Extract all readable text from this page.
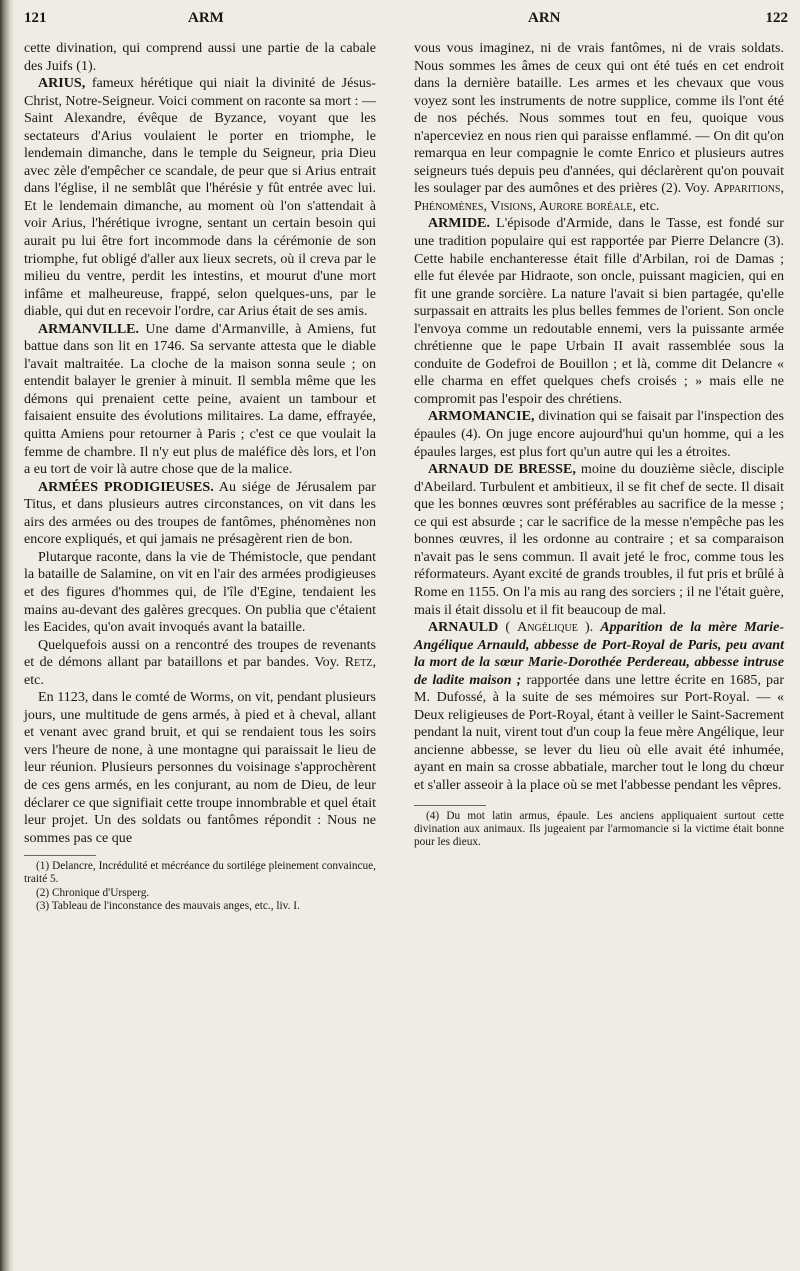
121	ARM	ARN	122

cette divination, qui comprend aussi une partie de la cabale des Juifs (1).

ARIUS, fameux hérétique qui niait la divinité de Jésus-Christ, Notre-Seigneur. Voici comment on raconte sa mort : — Saint Alexandre, évêque de Byzance, voyant que les sectateurs d'Arius voulaient le porter en triomphe, le lendemain dimanche, dans le temple du Seigneur, pria Dieu avec zèle d'empêcher ce scandale, de peur que si Arius entrait dans l'église, il ne semblât que l'hérésie y fût entrée avec lui. Et le lendemain dimanche, au moment où l'on s'attendait à voir Arius, l'hérétique ivrogne, sentant un certain besoin qui aurait pu lui être fort incommode dans la cérémonie de son triomphe, fut obligé d'aller aux lieux secrets, où il creva par le milieu du ventre, perdit les intestins, et mourut d'une mort infâme et malheureuse, frappé, selon quelques-uns, par le diable, qui dut en recevoir l'ordre, car Arius était de ses amis.

ARMANVILLE. Une dame d'Armanville, à Amiens, fut battue dans son lit en 1746. Sa servante attesta que le diable l'avait maltraitée. La cloche de la maison sonna seule ; on entendit balayer le grenier à minuit. Il sembla même que les démons qui prenaient cette peine, avaient un tambour et faisaient ensuite des évolutions militaires. La dame, effrayée, quitta Amiens pour retourner à Paris ; c'est ce que voulait la femme de chambre. Il n'y eut plus de maléfice dès lors, et l'on a eu tort de voir là autre chose que de la malice.

ARMÉES PRODIGIEUSES. Au siége de Jérusalem par Titus, et dans plusieurs autres circonstances, on vit dans les airs des armées ou des troupes de fantômes, phénomènes non encore expliqués, et qui jamais ne présagèrent rien de bon.

Plutarque raconte, dans la vie de Thémistocle, que pendant la bataille de Salamine, on vit en l'air des armées prodigieuses et des figures d'hommes qui, de l'île d'Egine, tendaient les mains au-devant des galères grecques. On publia que c'étaient les Eacides, qu'on avait invoqués avant la bataille.

Quelquefois aussi on a rencontré des troupes de revenants et de démons allant par bataillons et par bandes. Voy. Retz, etc.

En 1123, dans le comté de Worms, on vit, pendant plusieurs jours, une multitude de gens armés, à pied et à cheval, allant et venant avec grand bruit, et qui se rendaient tous les soirs vers l'heure de none, à une montagne qui paraissait le lieu de leur réunion. Plusieurs personnes du voisinage s'approchèrent de ces gens armés, en les conjurant, au nom de Dieu, de leur déclarer ce que signifiait cette troupe innombrable et quel était leur projet. Un des soldats ou fantômes répondit : Nous ne sommes pas ce que

(1) Delancre, Incrédulité et mécréance du sortilége pleinement convaincue, traité 5.

(2) Chronique d'Ursperg.

(3) Tableau de l'inconstance des mauvais anges, etc., liv. I.

vous vous imaginez, ni de vrais fantômes, ni de vrais soldats. Nous sommes les âmes de ceux qui ont été tués en cet endroit dans la dernière bataille. Les armes et les chevaux que vous voyez sont les instruments de notre supplice, comme ils l'ont été de nos péchés. Nous sommes tout en feu, quoique vous n'aperceviez en nous rien qui paraisse enflammé. — On dit qu'on remarqua en leur compagnie le comte Enrico et plusieurs autres seigneurs tués depuis peu d'années, qui déclarèrent qu'on pouvait les soulager par des aumônes et des prières (2). Voy. Apparitions, Phénomènes, Visions, Aurore boréale, etc.

ARMIDE. L'épisode d'Armide, dans le Tasse, est fondé sur une tradition populaire qui est rapportée par Pierre Delancre (3). Cette habile enchanteresse était fille d'Arbilan, roi de Damas ; elle fut élevée par Hidraote, son oncle, puissant magicien, qui en fit une grande sorcière. La nature l'avait si bien partagée, qu'elle surpassait en attraits les plus belles femmes de l'orient. Son oncle l'envoya comme un redoutable ennemi, vers la puissante armée chrétienne que le pape Urbain II avait rassemblée sous la conduite de Godefroi de Bouillon ; et là, comme dit Delancre « elle charma en effet quelques chefs croisés ; » mais elle ne compromit pas l'espoir des chrétiens.

ARMOMANCIE, divination qui se faisait par l'inspection des épaules (4). On juge encore aujourd'hui qu'un homme, qui a les épaules larges, est plus fort qu'un autre qui les a étroites.

ARNAUD DE BRESSE, moine du douzième siècle, disciple d'Abeilard. Turbulent et ambitieux, il se fit chef de secte. Il disait que les bonnes œuvres sont préférables au sacrifice de la messe ; ce qui est absurde ; car le sacrifice de la messe n'empêche pas les bonnes œuvres, il les ordonne au contraire ; et sa comparaison n'avait pas le sens commun. Il avait jeté le froc, comme tous les réformateurs. Ayant excité de grands troubles, il fut pris et brûlé à Rome en 1155. On l'a mis au rang des sorciers ; il ne l'était guère, mais il était dissolu et il fit beaucoup de mal.

ARNAULD ( Angélique ). Apparition de la mère Marie-Angélique Arnauld, abbesse de Port-Royal de Paris, peu avant la mort de la sœur Marie-Dorothée Perdereau, abbesse intruse de ladite maison ; rapportée dans une lettre écrite en 1685, par M. Dufossé, à la suite de ses mémoires sur Port-Royal. — « Deux religieuses de Port-Royal, étant à veiller le Saint-Sacrement pendant la nuit, virent tout d'un coup la feue mère Angélique, leur ancienne abbesse, se lever du lieu où elle avait été inhumée, ayant en main sa crosse abbatiale, marcher tout le long du chœur et s'aller asseoir à la place où se met l'abbesse pendant les vêpres.

(4) Du mot latin armus, épaule. Les anciens appliquaient surtout cette divination aux animaux. Ils jugeaient par l'armomancie si la victime était bonne pour les dieux.
